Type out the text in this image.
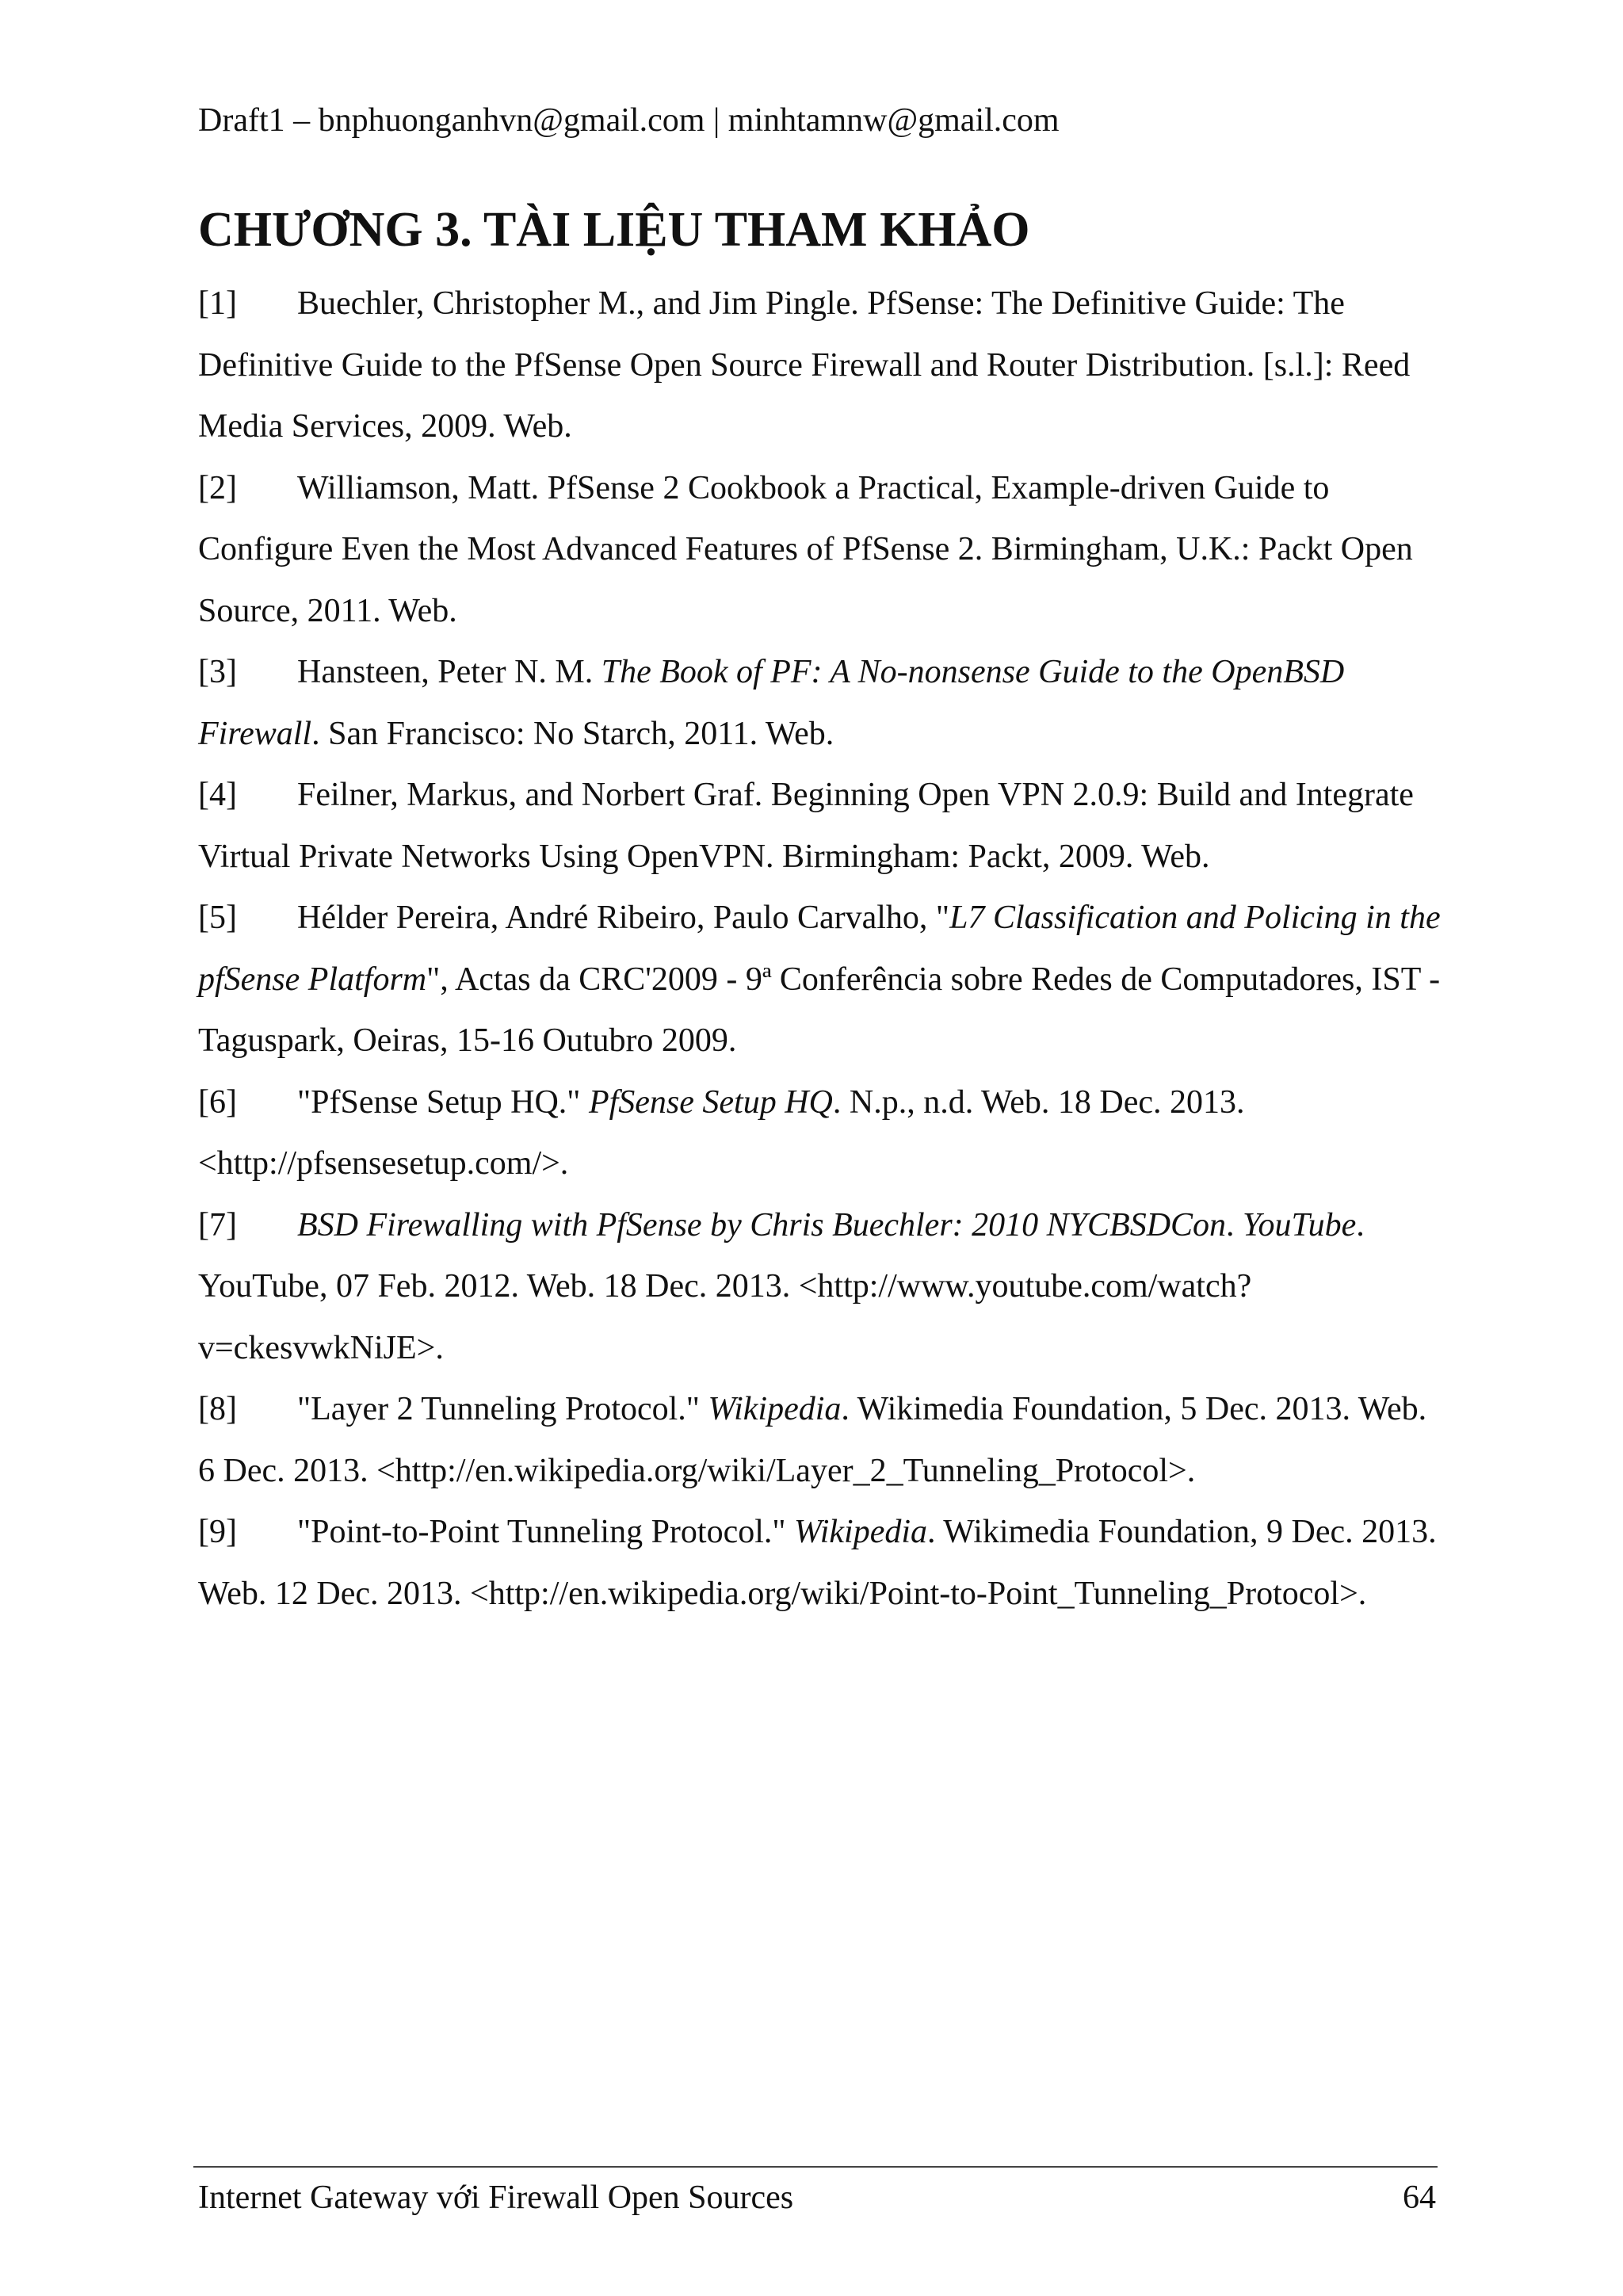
Draft1 – bnphuonganhvn@gmail.com | minhtamnw@gmail.com
CHƯƠNG 3. TÀI LIỆU THAM KHẢO

[1] Buechler, Christopher M., and Jim Pingle. PfSense: The Definitive Guide: The Definitive Guide to the PfSense Open Source Firewall and Router Distribution. [s.l.]: Reed Media Services, 2009. Web.

[2] Williamson, Matt. PfSense 2 Cookbook a Practical, Example-driven Guide to Configure Even the Most Advanced Features of PfSense 2. Birmingham, U.K.: Packt Open Source, 2011. Web.

[3] Hansteen, Peter N. M. The Book of PF: A No-nonsense Guide to the OpenBSD Firewall. San Francisco: No Starch, 2011. Web.

[4] Feilner, Markus, and Norbert Graf. Beginning Open VPN 2.0.9: Build and Integrate Virtual Private Networks Using OpenVPN. Birmingham: Packt, 2009. Web.

[5] Hélder Pereira, André Ribeiro, Paulo Carvalho, "L7 Classification and Policing in the pfSense Platform", Actas da CRC'2009 - 9ª Conferência sobre Redes de Computadores, IST - Taguspark, Oeiras, 15-16 Outubro 2009.

[6] "PfSense Setup HQ." PfSense Setup HQ. N.p., n.d. Web. 18 Dec. 2013. <http://pfsensesetup.com/>.

[7] BSD Firewalling with PfSense by Chris Buechler: 2010 NYCBSDCon. YouTube. YouTube, 07 Feb. 2012. Web. 18 Dec. 2013. <http://www.youtube.com/watch?v=ckesvwkNiJE>.

[8] "Layer 2 Tunneling Protocol." Wikipedia. Wikimedia Foundation, 5 Dec. 2013. Web. 6 Dec. 2013. <http://en.wikipedia.org/wiki/Layer_2_Tunneling_Protocol>.

[9] "Point-to-Point Tunneling Protocol." Wikipedia. Wikimedia Foundation, 9 Dec. 2013. Web. 12 Dec. 2013. <http://en.wikipedia.org/wiki/Point-to-Point_Tunneling_Protocol>.

Internet Gateway với Firewall Open Sources	64
